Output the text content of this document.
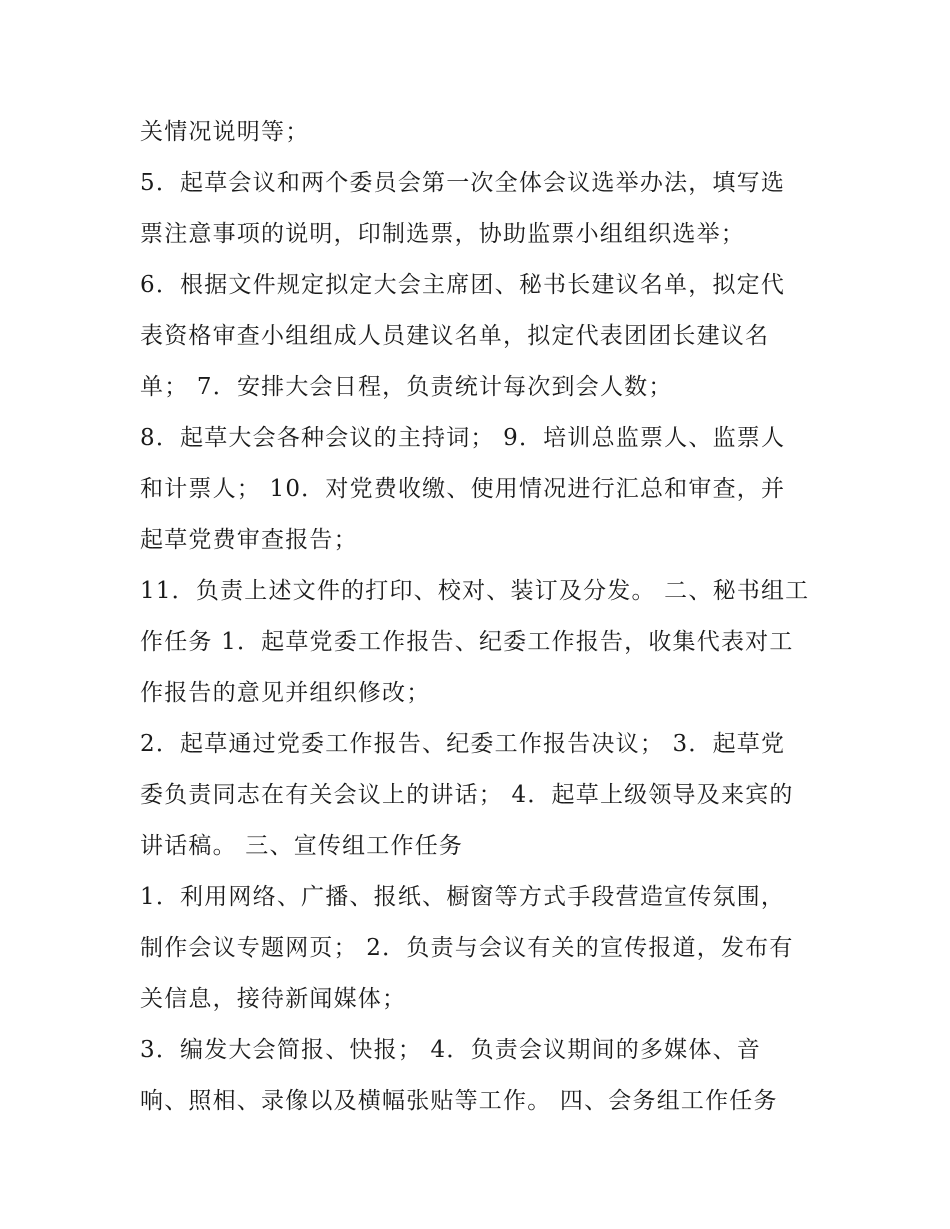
关情况说明等；
5．起草会议和两个委员会第一次全体会议选举办法，填写选
票注意事项的说明，印制选票，协助监票小组组织选举；
6．根据文件规定拟定大会主席团、秘书长建议名单，拟定代
表资格审查小组组成人员建议名单，拟定代表团团长建议名
单； 7．安排大会日程，负责统计每次到会人数；
8．起草大会各种会议的主持词； 9．培训总监票人、监票人
和计票人； 10．对党费收缴、使用情况进行汇总和审查，并
起草党费审查报告；
11．负责上述文件的打印、校对、装订及分发。 二、秘书组工
作任务 1．起草党委工作报告、纪委工作报告，收集代表对工
作报告的意见并组织修改；
2．起草通过党委工作报告、纪委工作报告决议； 3．起草党
委负责同志在有关会议上的讲话； 4．起草上级领导及来宾的
讲话稿。 三、宣传组工作任务
1．利用网络、广播、报纸、橱窗等方式手段营造宣传氛围，
制作会议专题网页； 2．负责与会议有关的宣传报道，发布有
关信息，接待新闻媒体；
3．编发大会简报、快报； 4．负责会议期间的多媒体、音
响、照相、录像以及横幅张贴等工作。 四、会务组工作任务
